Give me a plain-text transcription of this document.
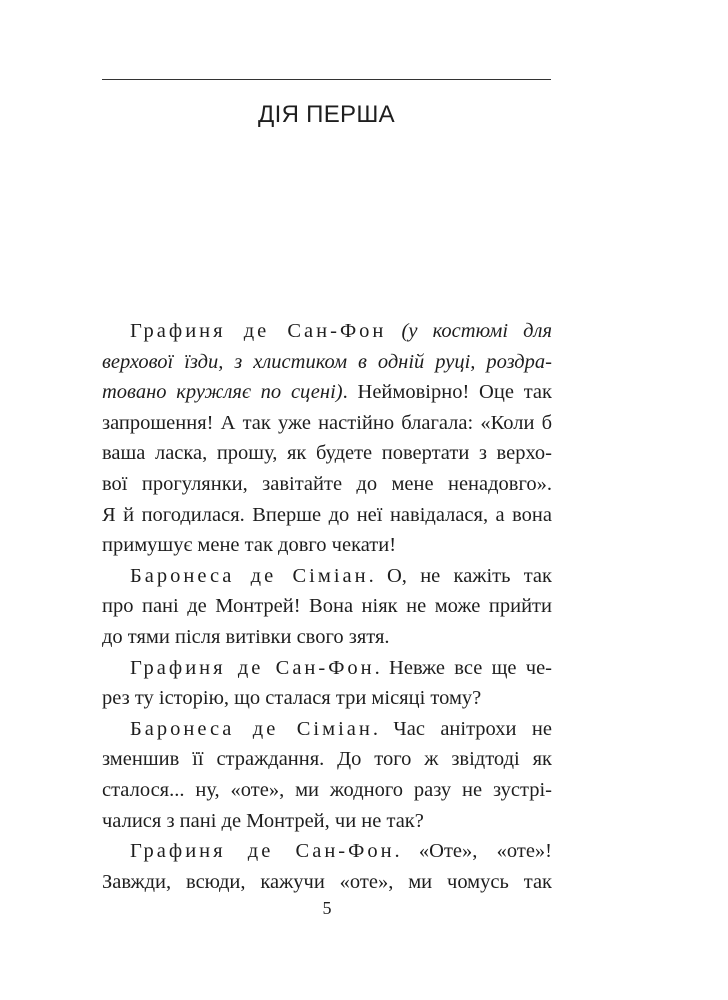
ДІЯ ПЕРША
Графиня де Сан-Фон (у костюмі для
верхової їзди, з хлистиком в одній руці, роздра-
товано кружляє по сцені). Неймовірно! Оце так
запрошення! А так уже настійно благала: «Коли б
ваша ласка, прошу, як будете повертати з верхо-
вої прогулянки, завітайте до мене ненадовго».
Я й погодилася. Вперше до неї навідалася, а вона
примушує мене так довго чекати!
Баронеса де Сіміан. О, не кажіть так
про пані де Монтрей! Вона ніяк не може прийти
до тями після витівки свого зятя.
Графиня де Сан-Фон. Невже все ще че-
рез ту історію, що сталася три місяці тому?
Баронеса де Сіміан. Час анітрохи не
зменшив її страждання. До того ж звідтоді як
сталося... ну, «оте», ми жодного разу не зустрі-
чалися з пані де Монтрей, чи не так?
Графиня де Сан-Фон. «Оте», «оте»!
Завжди, всюди, кажучи «оте», ми чомусь так
5
